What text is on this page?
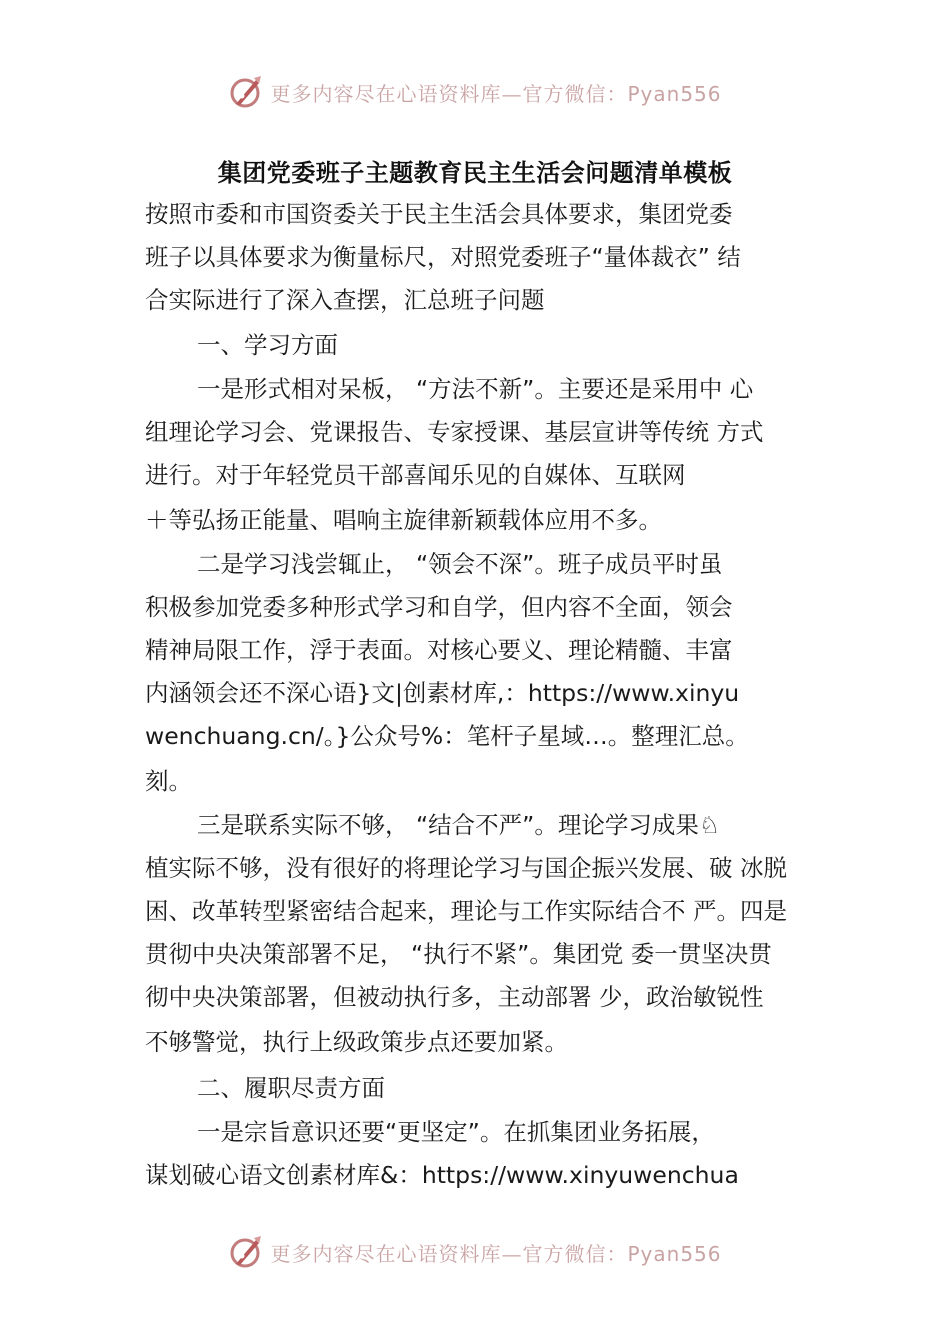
更多内容尽在心语资料库—官方微信：Pyan556
集团党委班子主题教育民主生活会问题清单模板

按照市委和市国资委关于民主生活会具体要求，集团党委

班子以具体要求为衡量标尺，对照党委班子“量体裁衣” 结

合实际进行了深入查摆，汇总班子问题

一、学习方面

一是形式相对呆板， “方法不新”。主要还是采用中 心

组理论学习会、党课报告、专家授课、基层宣讲等传统 方式

进行。对于年轻党员干部喜闻乐见的自媒体、互联网

＋等弘扬正能量、唱响主旋律新颖载体应用不多。

二是学习浅尝辄止， “领会不深”。班子成员平时虽

积极参加党委多种形式学习和自学，但内容不全面，领会

精神局限工作，浮于表面。对核心要义、理论精髓、丰富

内涵领会还不深心语}文|创素材库,：https://www.xinyu

wenchuang.cn/。}公众号%：笔杆子星域…。整理汇总。

刻。

三是联系实际不够， “结合不严”。理论学习成果♘

植实际不够，没有很好的将理论学习与国企振兴发展、破 冰脱

困、改革转型紧密结合起来，理论与工作实际结合不 严。四是

贯彻中央决策部署不足， “执行不紧”。集团党 委一贯坚决贯

彻中央决策部署，但被动执行多，主动部署 少，政治敏锐性

不够警觉，执行上级政策步点还要加紧。

二、履职尽责方面

一是宗旨意识还要“更坚定”。在抓集团业务拓展，

谋划破心语文创素材库&：https://www.xinyuwenchua

更多内容尽在心语资料库—官方微信：Pyan556
